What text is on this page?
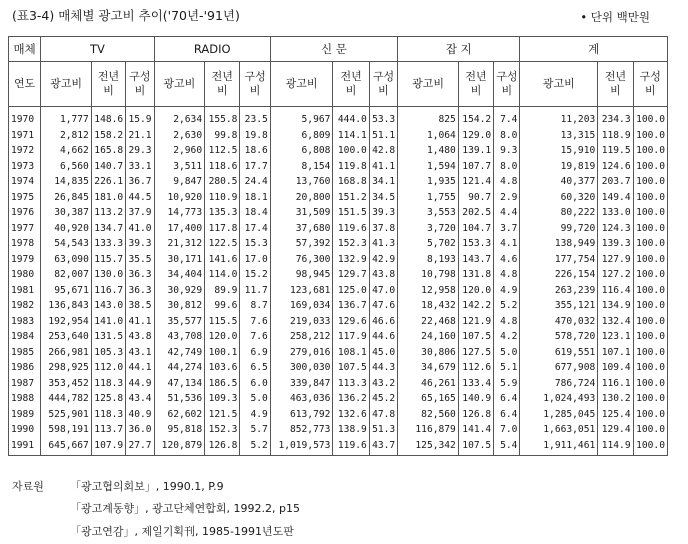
(표3-4) 매체별 광고비 추이('70년-'91년)	• 단위 백만원
매체	TV			RADIO			신 문			잡 지			계		
연도	광고비	전년비	구성비	광고비	전년비	구성비	광고비	전년비	구성비	광고비	전년비	구성비	광고비	전년비	구성비
1970	1,777	148.6	15.9	2,634	155.8	23.5	5,967	444.0	53.3	825	154.2	7.4	11,203	234.3	100.0
1971	2,812	158.2	21.1	2,630	99.8	19.8	6,809	114.1	51.1	1,064	129.0	8.0	13,315	118.9	100.0
1972	4,662	165.8	29.3	2,960	112.5	18.6	6,808	100.0	42.8	1,480	139.1	9.3	15,910	119.5	100.0
1973	6,560	140.7	33.1	3,511	118.6	17.7	8,154	119.8	41.1	1,594	107.7	8.0	19,819	124.6	100.0
1974	14,835	226.1	36.7	9,847	280.5	24.4	13,760	168.8	34.1	1,935	121.4	4.8	40,377	203.7	100.0
1975	26,845	181.0	44.5	10,920	110.9	18.1	20,800	151.2	34.5	1,755	90.7	2.9	60,320	149.4	100.0
1976	30,387	113.2	37.9	14,773	135.3	18.4	31,509	151.5	39.3	3,553	202.5	4.4	80,222	133.0	100.0
1977	40,920	134.7	41.0	17,400	117.8	17.4	37,680	119.6	37.8	3,720	104.7	3.7	99,720	124.3	100.0
1978	54,543	133.3	39.3	21,312	122.5	15.3	57,392	152.3	41.3	5,702	153.3	4.1	138,949	139.3	100.0
1979	63,090	115.7	35.5	30,171	141.6	17.0	76,300	132.9	42.9	8,193	143.7	4.6	177,754	127.9	100.0
1980	82,007	130.0	36.3	34,404	114.0	15.2	98,945	129.7	43.8	10,798	131.8	4.8	226,154	127.2	100.0
1981	95,671	116.7	36.3	30,929	89.9	11.7	123,681	125.0	47.0	12,958	120.0	4.9	263,239	116.4	100.0
1982	136,843	143.0	38.5	30,812	99.6	8.7	169,034	136.7	47.6	18,432	142.2	5.2	355,121	134.9	100.0
1983	192,954	141.0	41.1	35,577	115.5	7.6	219,033	129.6	46.6	22,468	121.9	4.8	470,032	132.4	100.0
1984	253,640	131.5	43.8	43,708	120.0	7.6	258,212	117.9	44.6	24,160	107.5	4.2	578,720	123.1	100.0
1985	266,981	105.3	43.1	42,749	100.1	6.9	279,016	108.1	45.0	30,806	127.5	5.0	619,551	107.1	100.0
1986	298,925	112.0	44.1	44,274	103.6	6.5	300,030	107.5	44.3	34,679	112.6	5.1	677,908	109.4	100.0
1987	353,452	118.3	44.9	47,134	186.5	6.0	339,847	113.3	43.2	46,261	133.4	5.9	786,724	116.1	100.0
1988	444,782	125.8	43.4	51,536	109.3	5.0	463,036	136.2	45.2	65,165	140.9	6.4	1,024,493	130.2	100.0
1989	525,901	118.3	40.9	62,602	121.5	4.9	613,792	132.6	47.8	82,560	126.8	6.4	1,285,045	125.4	100.0
1990	598,191	113.7	36.0	95,818	152.3	5.7	852,773	138.9	51.3	116,879	141.4	7.0	1,663,051	129.4	100.0
1991	645,667	107.9	27.7	120,879	126.8	5.2	1,019,573	119.6	43.7	125,342	107.5	5.4	1,911,461	114.9	100.0
자료원 「광고협의회보」, 1990.1, P.9
「광고계동향」, 광고단체연합회, 1992.2, p15
「광고연감」, 제일기획刊, 1985-1991년도판
